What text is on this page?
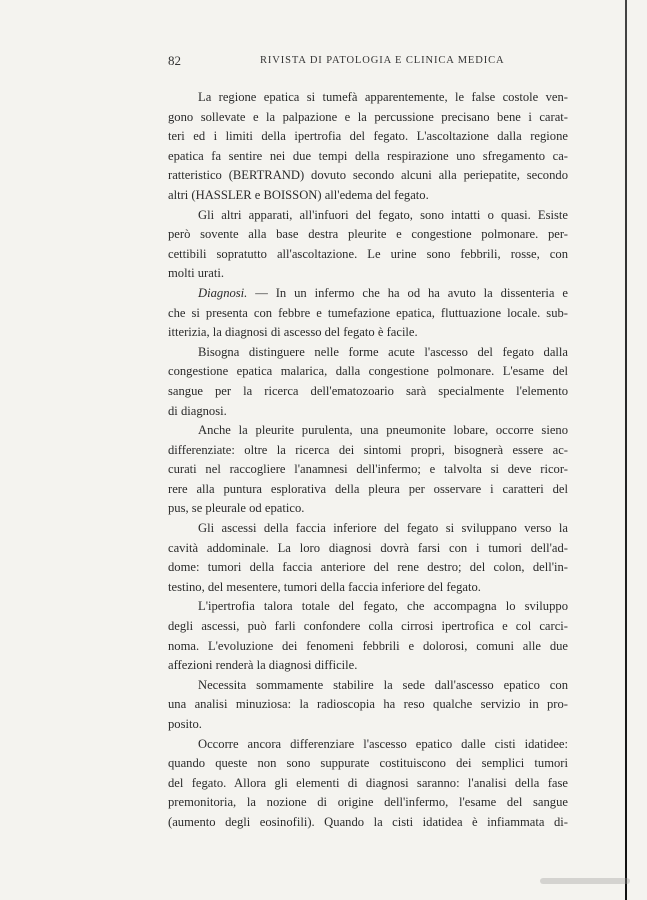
82	RIVISTA DI PATOLOGIA E CLINICA MEDICA
La regione epatica si tumefà apparentemente, le false costole ven-
gono sollevate e la palpazione e la percussione precisano bene i carat-
teri ed i limiti della ipertrofia del fegato. L'ascoltazione dalla regione
epatica fa sentire nei due tempi della respirazione uno sfregamento ca-
ratteristico (BERTRAND) dovuto secondo alcuni alla periepatite, secondo
altri (HASSLER e BOISSON) all'edema del fegato.
Gli altri apparati, all'infuori del fegato, sono intatti o quasi. Esiste
però sovente alla base destra pleurite e congestione polmonare. per-
cettibili sopratutto all'ascoltazione. Le urine sono febbrili, rosse, con
molti urati.
Diagnosi. — In un infermo che ha od ha avuto la dissenteria e
che si presenta con febbre e tumefazione epatica, fluttuazione locale. sub-
itterizia, la diagnosi di ascesso del fegato è facile.
Bisogna distinguere nelle forme acute l'ascesso del fegato dalla
congestione epatica malarica, dalla congestione polmonare. L'esame del
sangue per la ricerca dell'ematozoario sarà specialmente l'elemento
di diagnosi.
Anche la pleurite purulenta, una pneumonite lobare, occorre sieno
differenziate: oltre la ricerca dei sintomi propri, bisognerà essere ac-
curati nel raccogliere l'anamnesi dell'infermo; e talvolta si deve ricor-
rere alla puntura esplorativa della pleura per osservare i caratteri del
pus, se pleurale od epatico.
Gli ascessi della faccia inferiore del fegato si sviluppano verso la
cavità addominale. La loro diagnosi dovrà farsi con i tumori dell'ad-
dome: tumori della faccia anteriore del rene destro; del colon, dell'in-
testino, del mesentere, tumori della faccia inferiore del fegato.
L'ipertrofia talora totale del fegato, che accompagna lo sviluppo
degli ascessi, può farli confondere colla cirrosi ipertrofica e col carci-
noma. L'evoluzione dei fenomeni febbrili e dolorosi, comuni alle due
affezioni renderà la diagnosi difficile.
Necessita sommamente stabilire la sede dall'ascesso epatico con
una analisi minuziosa: la radioscopia ha reso qualche servizio in pro-
posito.
Occorre ancora differenziare l'ascesso epatico dalle cisti idatidee:
quando queste non sono suppurate costituiscono dei semplici tumori
del fegato. Allora gli elementi di diagnosi saranno: l'analisi della fase
premonitoria, la nozione di origine dell'infermo, l'esame del sangue
(aumento degli eosinofili). Quando la cisti idatidea è infiammata di-
